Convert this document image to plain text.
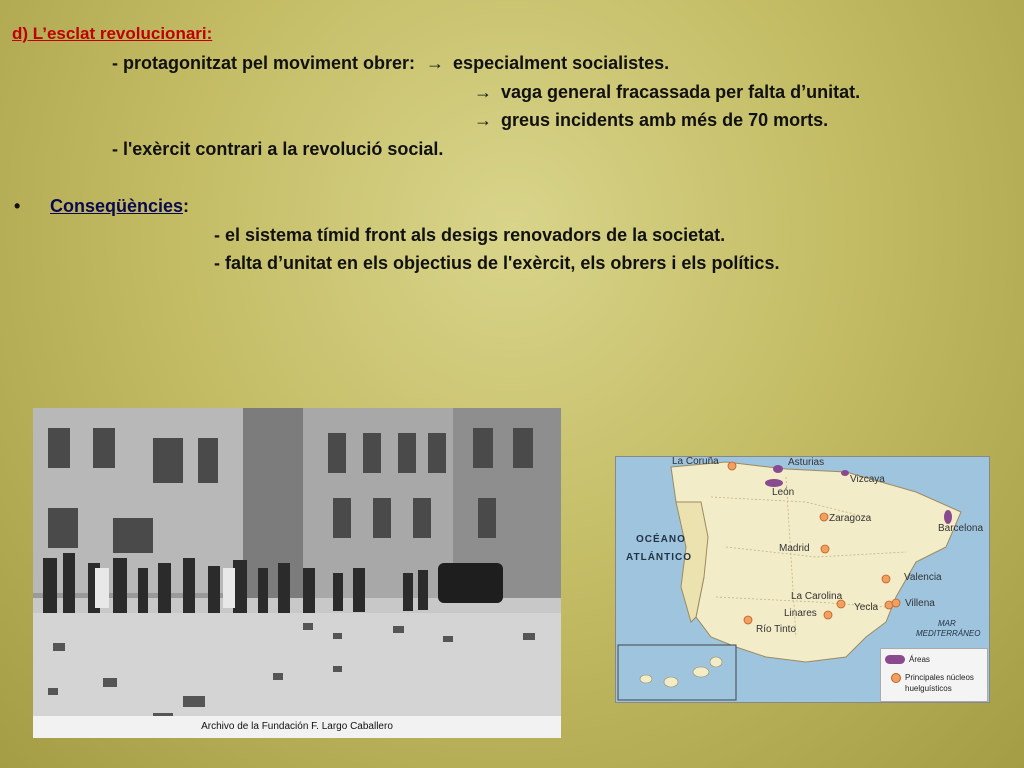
d) L’esclat revolucionari:
- protagonitzat pel moviment obrer: → especialment socialistes.
→ vaga general fracassada per falta d’unitat.
→ greus incidents amb més de 70 morts.
- l'exèrcit contrari a la revolució social.
• Conseqüències:
- el sistema tímid front als desigs renovadors de la societat.
- falta d’unitat en els objectius de l'exèrcit, els obrers i els polítics.
Archivo de la Fundación F. Largo Caballero
La Coruña	Asturias
Vizcaya
León
Zaragoza
Barcelona
Madrid
Valencia
La Carolina
Linares
Yecla	Villena
Río Tinto
OCÉANO
ATLÁNTICO
MAR
MEDITERRÁNEO
Áreas
Principales núcleos
huelguísticos
